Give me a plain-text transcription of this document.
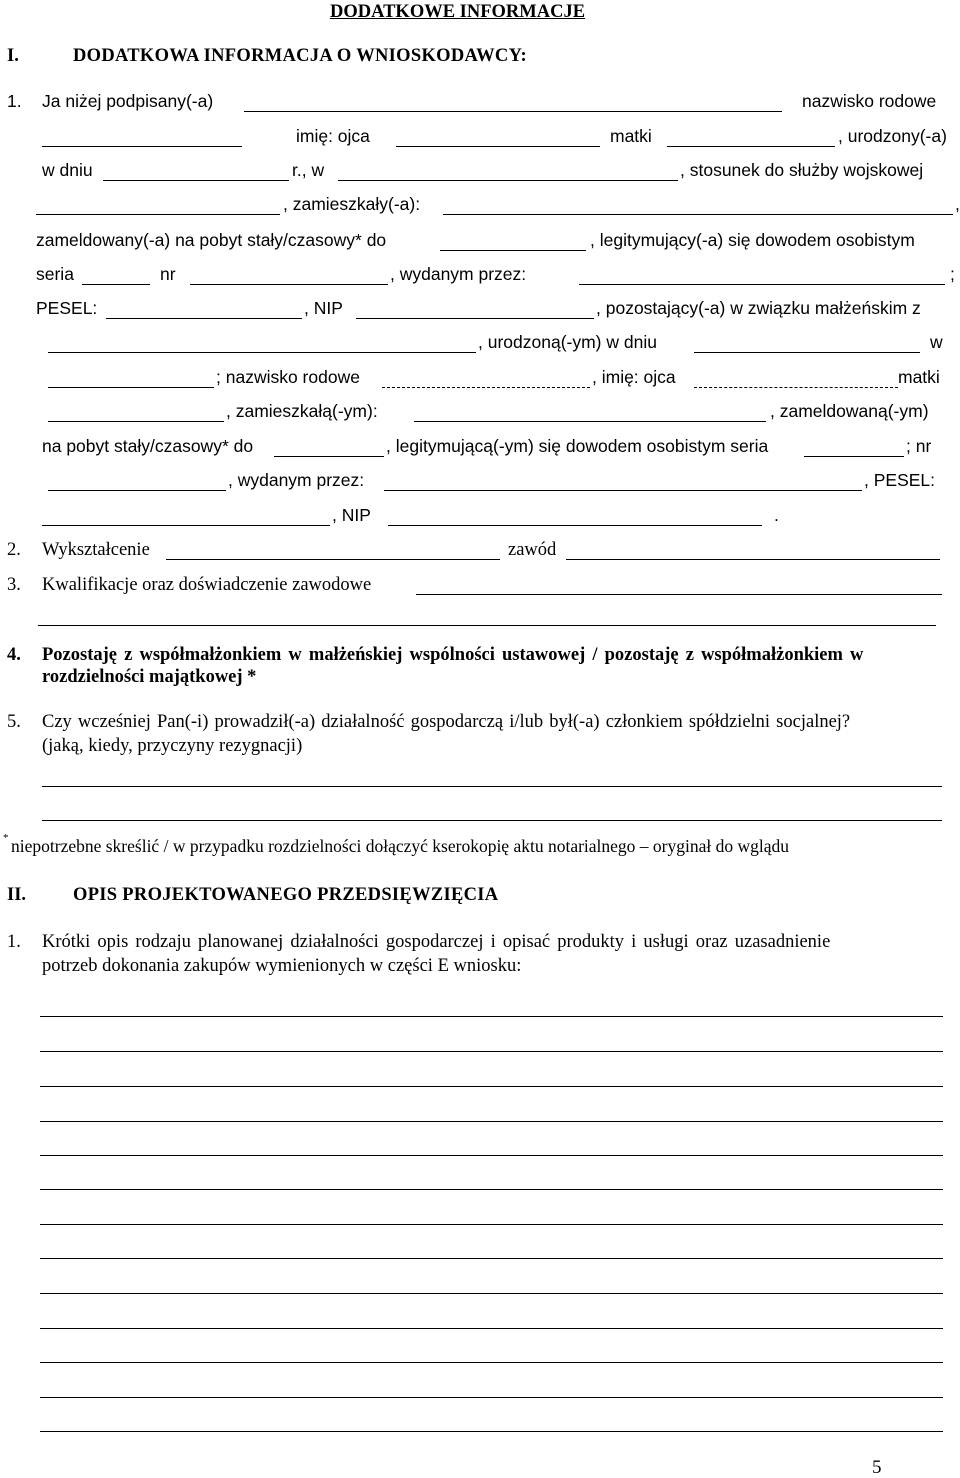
DODATKOWE INFORMACJE
I.	DODATKOWA INFORMACJA O WNIOSKODAWCY:
1. Ja niżej podpisany(-a)	nazwisko rodowe
imię: ojca	matki	, urodzony(-a)
w dniu	r., w	, stosunek do służby wojskowej
, zamieszkały(-a):	,
zameldowany(-a) na pobyt stały/czasowy* do	, legitymujący(-a) się dowodem osobistym
seria	nr	, wydanym przez:	;
PESEL:	, NIP	, pozostający(-a) w związku małżeńskim z
, urodzoną(-ym) w dniu	w
; nazwisko rodowe	, imię: ojca	matki
, zamieszkałą(-ym):	, zameldowaną(-ym)
na pobyt stały/czasowy* do	, legitymującą(-ym) się dowodem osobistym seria	; nr
, wydanym przez:	, PESEL:
, NIP	.
2. Wykształcenie	zawód
3. Kwalifikacje oraz doświadczenie zawodowe
4. Pozostaję z współmałżonkiem w małżeńskiej wspólności ustawowej / pozostaję z współmałżonkiem w
rozdzielności majątkowej *
5. Czy wcześniej Pan(-i) prowadził(-a) działalność gospodarczą i/lub był(-a) członkiem spółdzielni socjalnej?
(jaką, kiedy, przyczyny rezygnacji)
* niepotrzebne skreślić / w przypadku rozdzielności dołączyć kserokopię aktu notarialnego – oryginał do wglądu
II.	OPIS PROJEKTOWANEGO PRZEDSIĘWZIĘCIA
1. Krótki opis rodzaju planowanej działalności gospodarczej i opisać produkty i usługi oraz uzasadnienie
potrzeb dokonania zakupów wymienionych w części E wniosku:
5
